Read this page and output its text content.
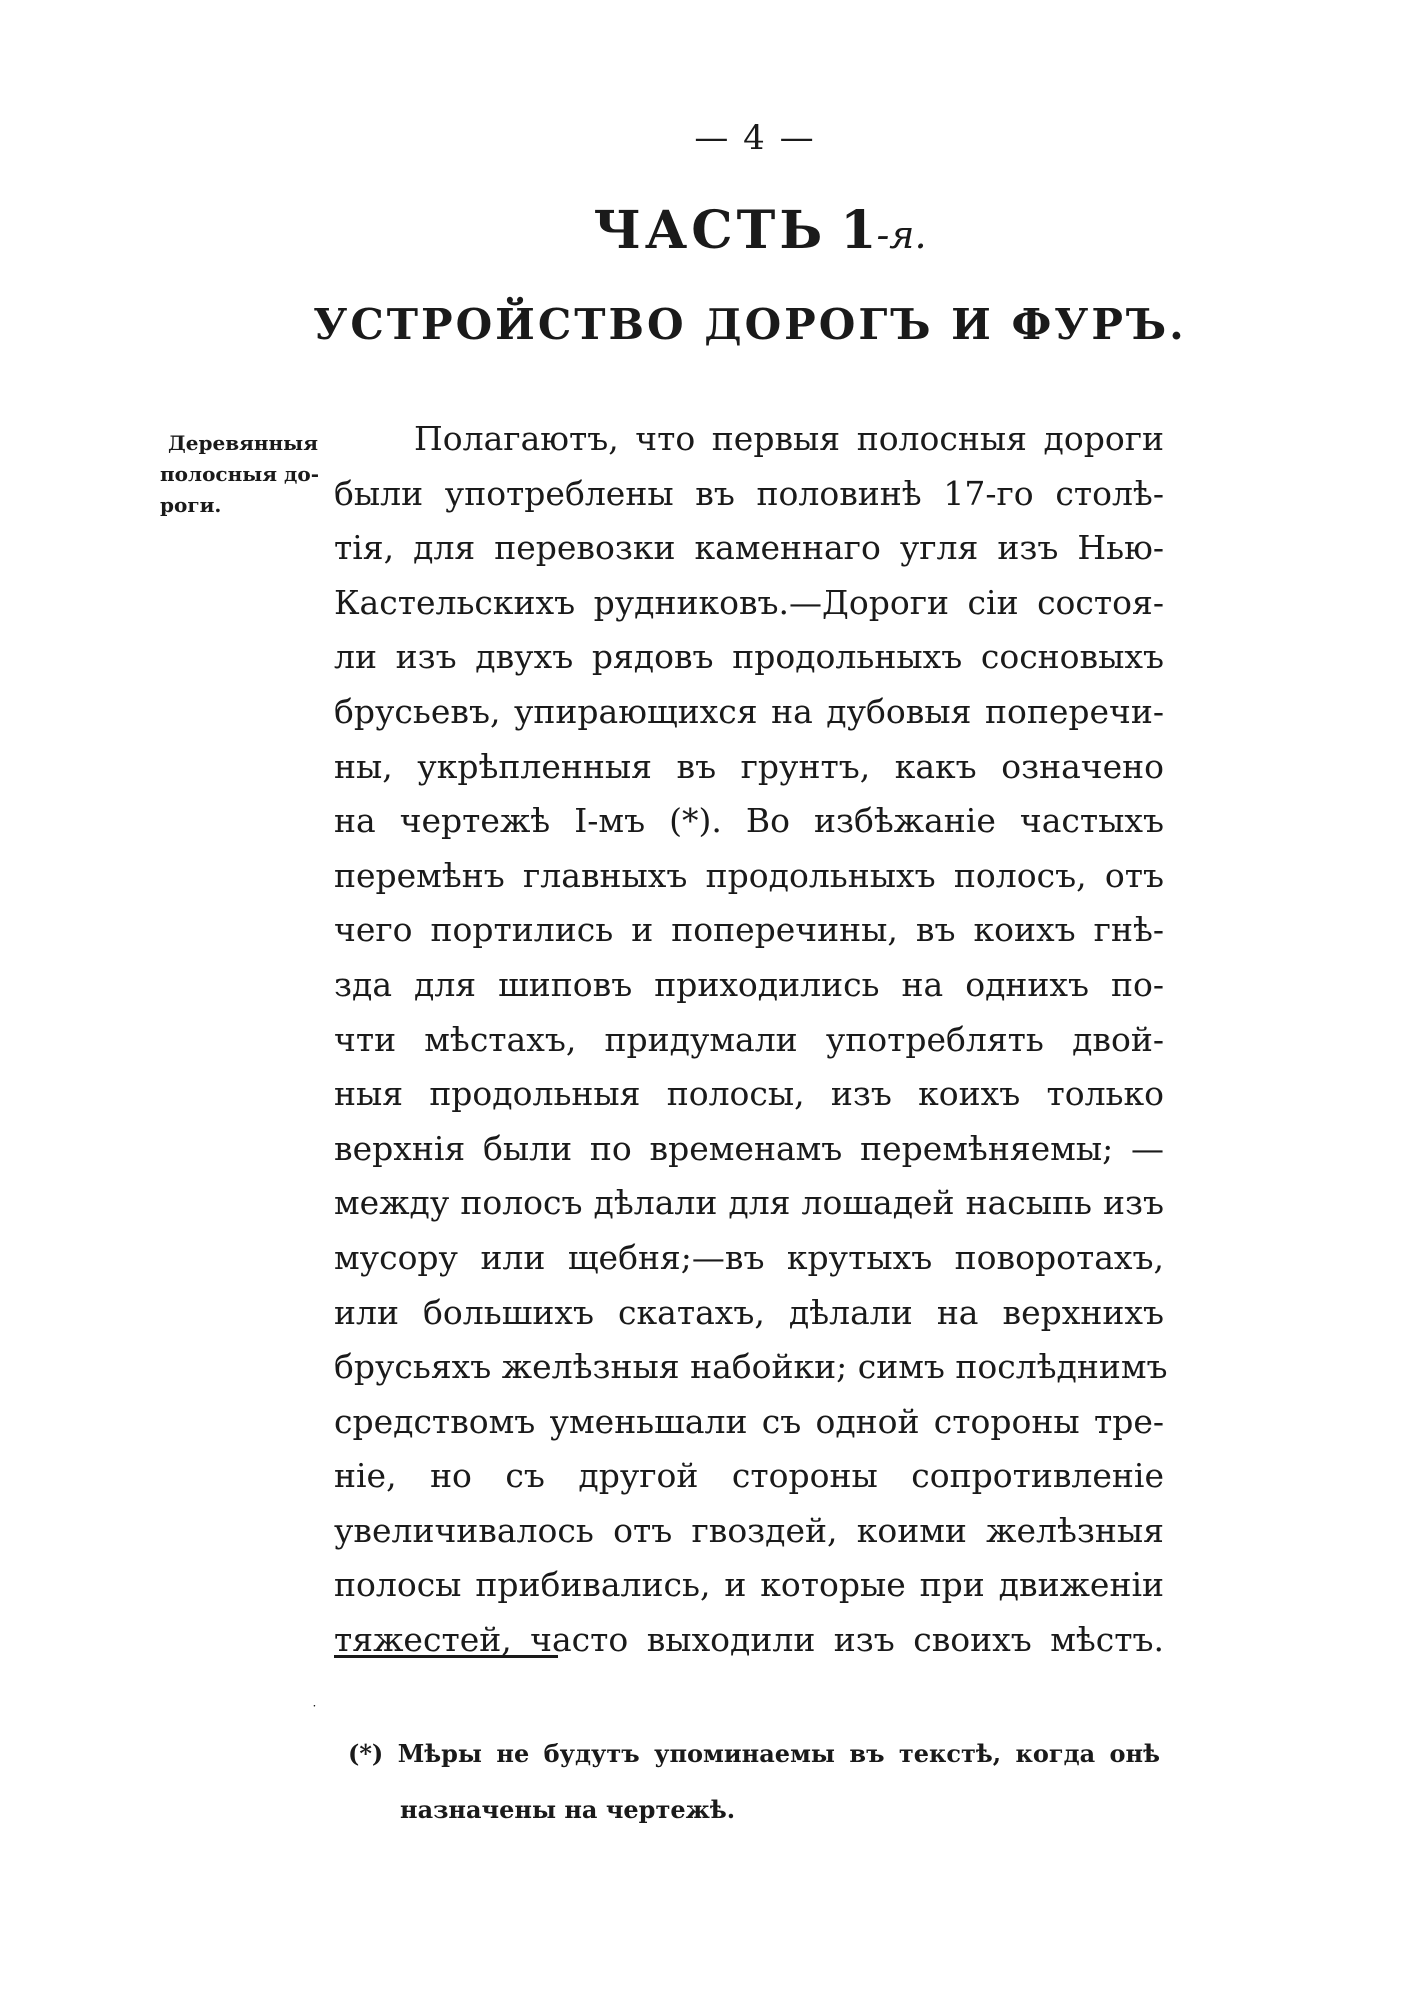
— 4 —
ЧАСТЬ 1-я.
УСТРОЙСТВО ДОРОГЪ И ФУРЪ.
Деревянныя
полосныя до-
роги.
Полагаютъ, что первыя полосныя дороги
были употреблены въ половинѣ 17-го столѣ-
тія, для перевозки каменнаго угля изъ Нью-
Кастельскихъ рудниковъ.—Дороги сіи состоя-
ли изъ двухъ рядовъ продольныхъ сосновыхъ
брусьевъ, упирающихся на дубовыя поперечи-
ны, укрѣпленныя въ грунтъ, какъ означено
на чертежѣ I-мъ (*). Во избѣжаніе частыхъ
перемѣнъ главныхъ продольныхъ полосъ, отъ
чего портились и поперечины, въ коихъ гнѣ-
зда для шиповъ приходились на однихъ по-
чти мѣстахъ, придумали употреблять двой-
ныя продольныя полосы, изъ коихъ только
верхнія были по временамъ перемѣняемы; —
между полосъ дѣлали для лошадей насыпь изъ
мусору или щебня;—въ крутыхъ поворотахъ,
или большихъ скатахъ, дѣлали на верхнихъ
брусьяхъ желѣзныя набойки; симъ послѣднимъ
средствомъ уменьшали съ одной стороны тре-
ніе, но съ другой стороны сопротивленіе
увеличивалось отъ гвоздей, коими желѣзныя
полосы прибивались, и которые при движеніи
тяжестей, часто выходили изъ своихъ мѣстъ.
ׁ
(*) Мѣры не будутъ упоминаемы въ текстѣ, когда онѣ
назначены на чертежѣ.
